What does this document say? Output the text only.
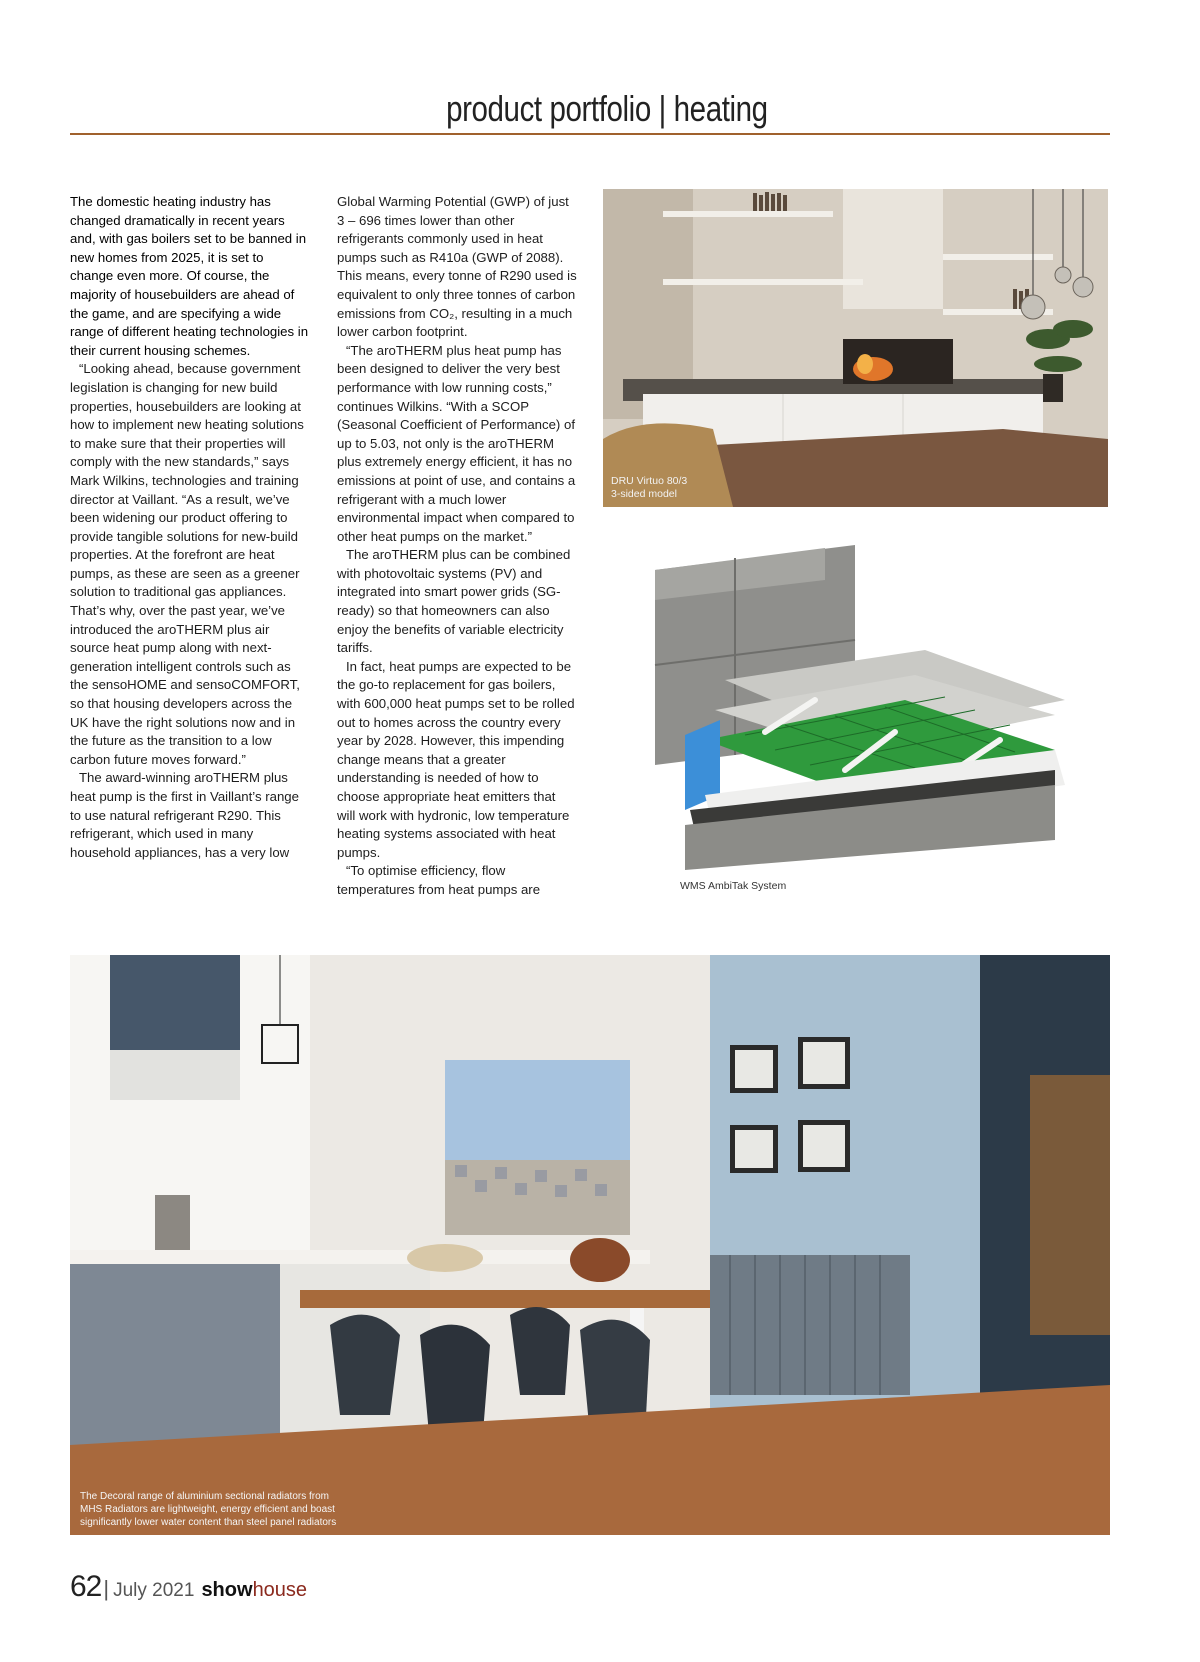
product portfolio | heating

The domestic heating industry has changed dramatically in recent years and, with gas boilers set to be banned in new homes from 2025, it is set to change even more. Of course, the majority of housebuilders are ahead of the game, and are specifying a wide range of different heating technologies in their current housing schemes.

“Looking ahead, because government legislation is changing for new build properties, housebuilders are looking at how to implement new heating solutions to make sure that their properties will comply with the new standards,” says Mark Wilkins, technologies and training director at Vaillant. “As a result, we’ve been widening our product offering to provide tangible solutions for new-build properties. At the forefront are heat pumps, as these are seen as a greener solution to traditional gas appliances. That’s why, over the past year, we’ve introduced the aroTHERM plus air source heat pump along with next-generation intelligent controls such as the sensoHOME and sensoCOMFORT, so that housing developers across the UK have the right solutions now and in the future as the transition to a low carbon future moves forward.”

The award-winning aroTHERM plus heat pump is the first in Vaillant’s range to use natural refrigerant R290. This refrigerant, which used in many household appliances, has a very low

Global Warming Potential (GWP) of just 3 – 696 times lower than other refrigerants commonly used in heat pumps such as R410a (GWP of 2088). This means, every tonne of R290 used is equivalent to only three tonnes of carbon emissions from CO₂, resulting in a much lower carbon footprint.

“The aroTHERM plus heat pump has been designed to deliver the very best performance with low running costs,” continues Wilkins. “With a SCOP (Seasonal Coefficient of Performance) of up to 5.03, not only is the aroTHERM plus extremely energy efficient, it has no emissions at point of use, and contains a refrigerant with a much lower environmental impact when compared to other heat pumps on the market.”

The aroTHERM plus can be combined with photovoltaic systems (PV) and integrated into smart power grids (SG-ready) so that homeowners can also enjoy the benefits of variable electricity tariffs.

In fact, heat pumps are expected to be the go-to replacement for gas boilers, with 600,000 heat pumps set to be rolled out to homes across the country every year by 2028. However, this impending change means that a greater understanding is needed of how to choose appropriate heat emitters that will work with hydronic, low temperature heating systems associated with heat pumps.

“To optimise efficiency, flow temperatures from heat pumps are

DRU Virtuo 80/3
3-sided model
WMS AmbiTak System
The Decoral range of aluminium sectional radiators from MHS Radiators are lightweight, energy efficient and boast significantly lower water content than steel panel radiators
62 | July 2021 show house
